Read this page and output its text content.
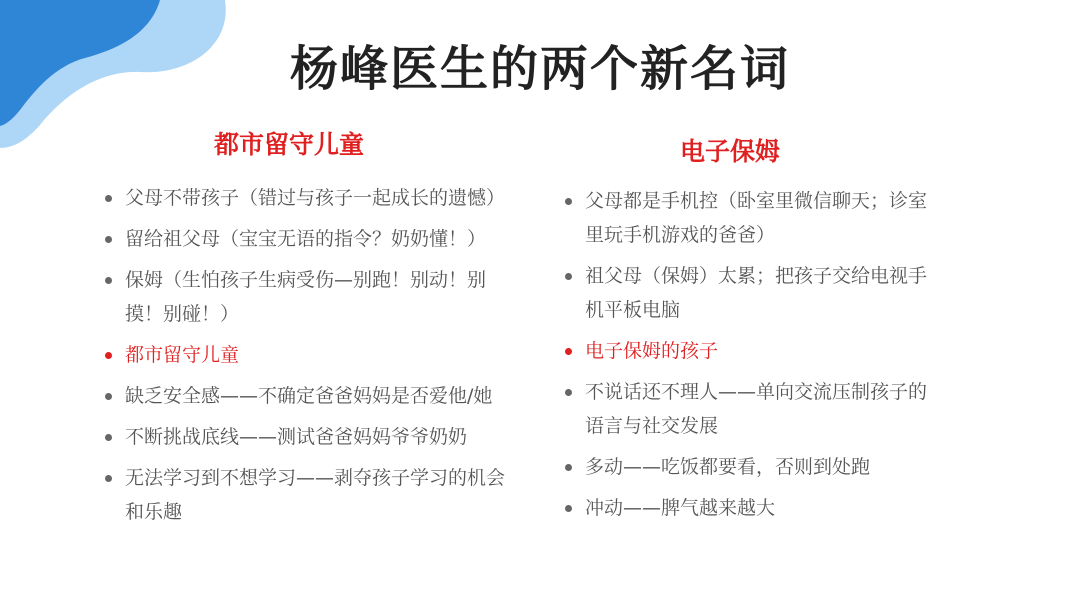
杨峰医生的两个新名词
都市留守儿童
父母不带孩子（错过与孩子一起成长的遗憾）
留给祖父母（宝宝无语的指令？奶奶懂！）
保姆（生怕孩子生病受伤—别跑！别动！别摸！别碰！）
都市留守儿童
缺乏安全感——不确定爸爸妈妈是否爱他/她
不断挑战底线——测试爸爸妈妈爷爷奶奶
无法学习到不想学习——剥夺孩子学习的机会和乐趣
电子保姆
父母都是手机控（卧室里微信聊天；诊室里玩手机游戏的爸爸）
祖父母（保姆）太累；把孩子交给电视手机平板电脑
电子保姆的孩子
不说话还不理人——单向交流压制孩子的语言与社交发展
多动——吃饭都要看，否则到处跑
冲动——脾气越来越大
